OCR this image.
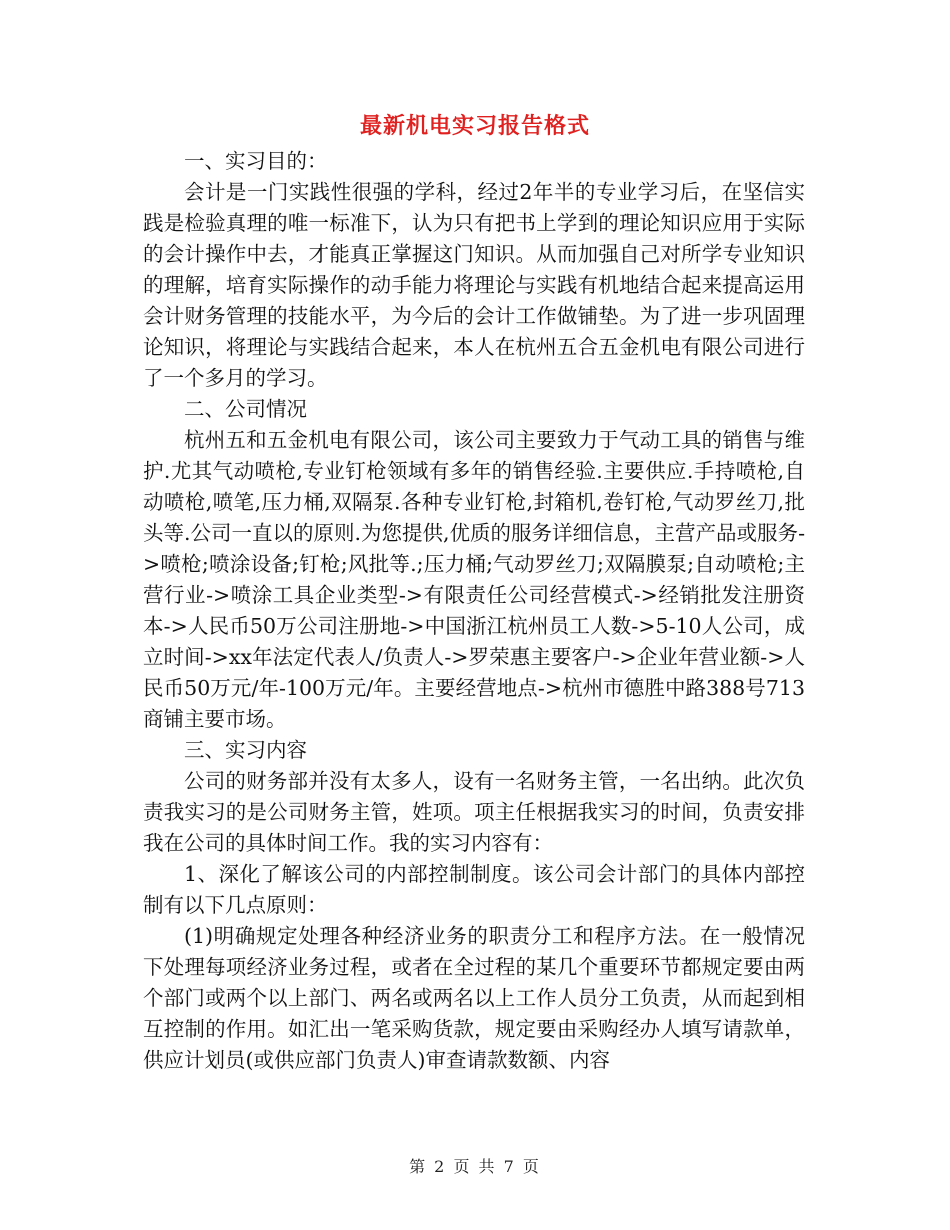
最新机电实习报告格式

一、实习目的：

会计是一门实践性很强的学科，经过2年半的专业学习后，在坚信实践是检验真理的唯一标准下，认为只有把书上学到的理论知识应用于实际的会计操作中去，才能真正掌握这门知识。从而加强自己对所学专业知识的理解，培育实际操作的动手能力将理论与实践有机地结合起来提高运用会计财务管理的技能水平，为今后的会计工作做铺垫。为了进一步巩固理论知识，将理论与实践结合起来，本人在杭州五合五金机电有限公司进行了一个多月的学习。

二、公司情况

杭州五和五金机电有限公司，该公司主要致力于气动工具的销售与维护.尤其气动喷枪,专业钉枪领域有多年的销售经验.主要供应.手持喷枪,自动喷枪,喷笔,压力桶,双隔泵.各种专业钉枪,封箱机,卷钉枪,气动罗丝刀,批头等.公司一直以的原则.为您提供,优质的服务详细信息，主营产品或服务->喷枪;喷涂设备;钉枪;风批等.;压力桶;气动罗丝刀;双隔膜泵;自动喷枪;主营行业->喷涂工具企业类型->有限责任公司经营模式->经销批发注册资本->人民币50万公司注册地->中国浙江杭州员工人数->5-10人公司，成立时间->xx年法定代表人/负责人->罗荣惠主要客户->企业年营业额->人民币50万元/年-100万元/年。主要经营地点->杭州市德胜中路388号713商铺主要市场。

三、实习内容

公司的财务部并没有太多人，设有一名财务主管，一名出纳。此次负责我实习的是公司财务主管，姓项。项主任根据我实习的时间，负责安排我在公司的具体时间工作。我的实习内容有：

1、深化了解该公司的内部控制制度。该公司会计部门的具体内部控制有以下几点原则：

(1)明确规定处理各种经济业务的职责分工和程序方法。在一般情况下处理每项经济业务过程，或者在全过程的某几个重要环节都规定要由两个部门或两个以上部门、两名或两名以上工作人员分工负责，从而起到相互控制的作用。如汇出一笔采购货款，规定要由采购经办人填写请款单，供应计划员(或供应部门负责人)审查请款数额、内容

第 2 页 共 7 页
